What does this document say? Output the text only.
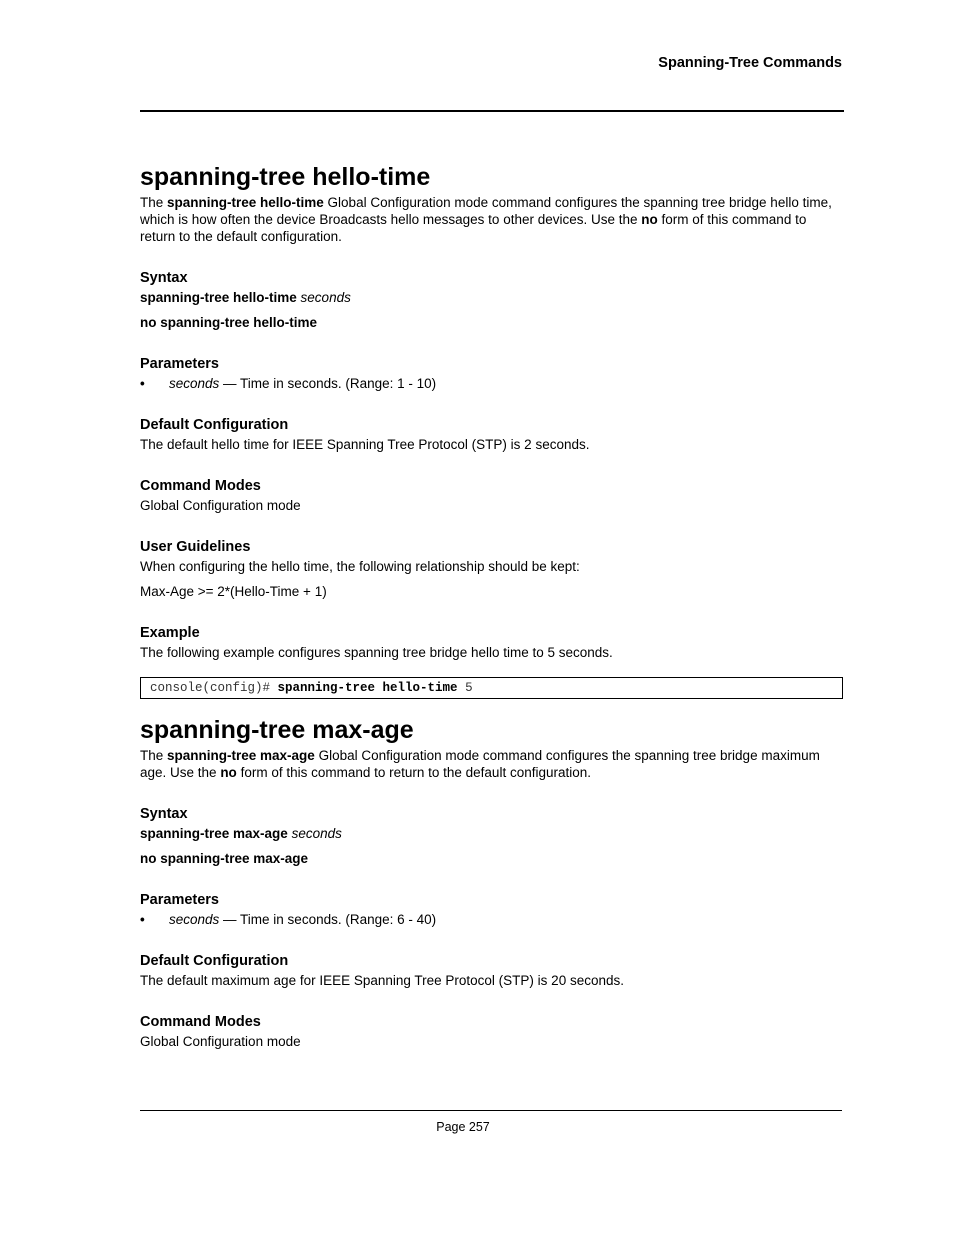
Spanning-Tree Commands
spanning-tree hello-time

The spanning-tree hello-time Global Configuration mode command configures the spanning tree bridge hello time, which is how often the device Broadcasts hello messages to other devices. Use the no form of this command to return to the default configuration.

Syntax

spanning-tree hello-time seconds

no spanning-tree hello-time

Parameters
• seconds — Time in seconds. (Range: 1 - 10)
Default Configuration

The default hello time for IEEE Spanning Tree Protocol (STP) is 2 seconds.

Command Modes

Global Configuration mode

User Guidelines

When configuring the hello time, the following relationship should be kept:

Max-Age >= 2*(Hello-Time + 1)

Example

The following example configures spanning tree bridge hello time to 5 seconds.

console(config)# spanning-tree hello-time 5
spanning-tree max-age

The spanning-tree max-age Global Configuration mode command configures the spanning tree bridge maximum age. Use the no form of this command to return to the default configuration.

Syntax

spanning-tree max-age seconds

no spanning-tree max-age

Parameters
• seconds — Time in seconds. (Range: 6 - 40)
Default Configuration

The default maximum age for IEEE Spanning Tree Protocol (STP) is 20 seconds.

Command Modes

Global Configuration mode

Page 257
